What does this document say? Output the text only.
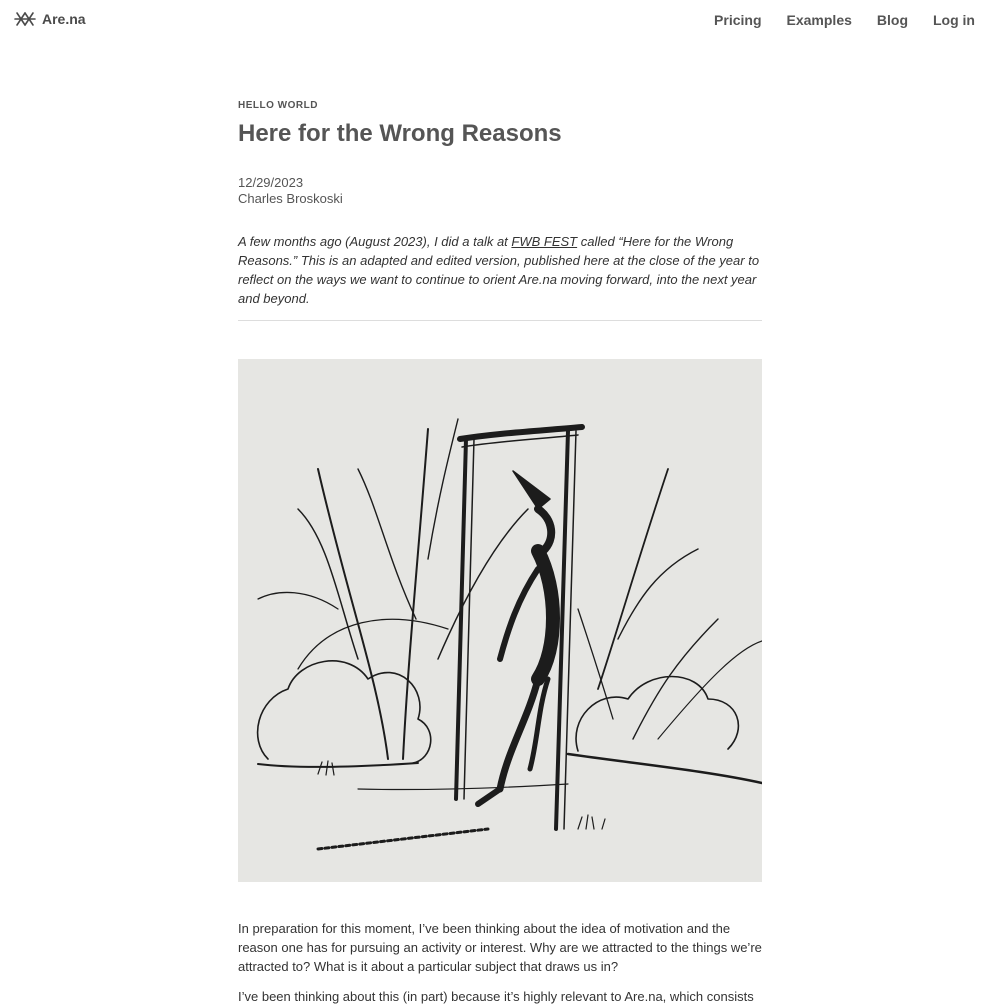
Are.na	Pricing Examples Blog Log in
HELLO WORLD
Here for the Wrong Reasons
12/29/2023
Charles Broskoski

A few months ago (August 2023), I did a talk at FWB FEST called “Here for the Wrong Reasons.” This is an adapted and edited version, published here at the close of the year to reflect on the ways we want to continue to orient Are.na moving forward, into the next year and beyond.

In preparation for this moment, I’ve been thinking about the idea of motivation and the reason one has for pursuing an activity or interest. Why are we attracted to the things we’re attracted to? What is it about a particular subject that draws us in?

I’ve been thinking about this (in part) because it’s highly relevant to Are.na, which consists
